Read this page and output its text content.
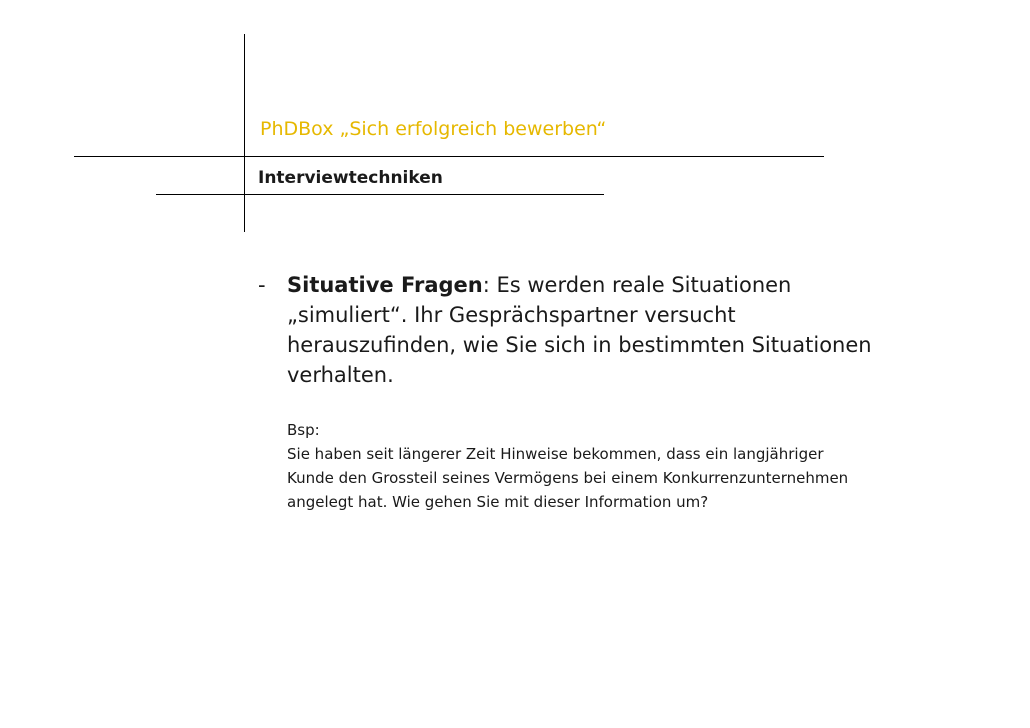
PhDBox „Sich erfolgreich bewerben“
Interviewtechniken
- Situative Fragen: Es werden reale Situationen „simuliert“. Ihr Gesprächspartner versucht herauszufinden, wie Sie sich in bestimmten Situationen verhalten.
Bsp:
Sie haben seit längerer Zeit Hinweise bekommen, dass ein langjähriger Kunde den Grossteil seines Vermögens bei einem Konkurrenzunternehmen angelegt hat. Wie gehen Sie mit dieser Information um?
